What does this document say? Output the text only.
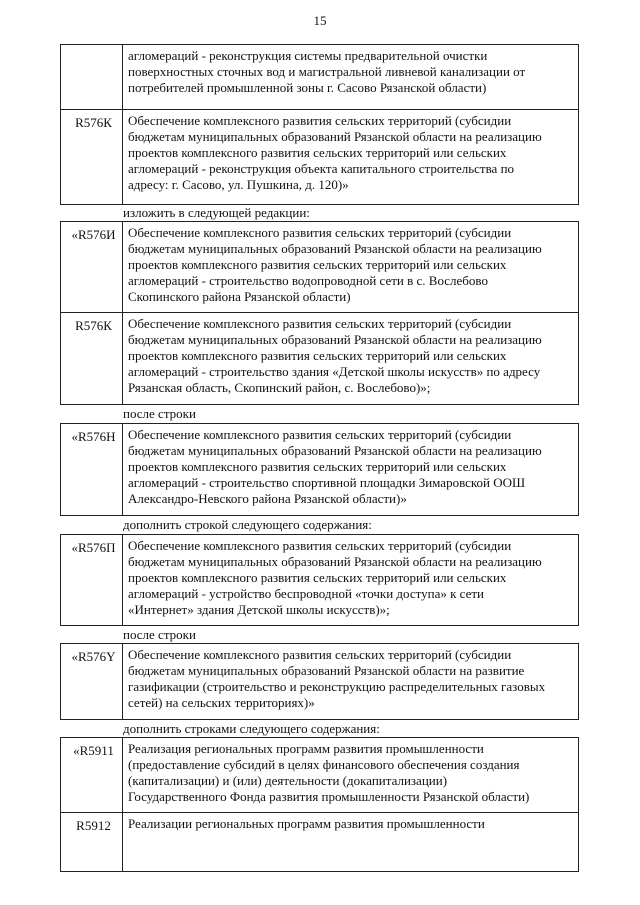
15
агломераций - реконструкция системы предварительной очистки
поверхностных сточных вод и магистральной ливневой канализации от
потребителей промышленной зоны г. Сасово Рязанской области)
R576К	Обеспечение комплексного развития сельских территорий (субсидии
бюджетам муниципальных образований Рязанской области на реализацию
проектов комплексного развития сельских территорий или сельских
агломераций - реконструкция объекта капитального строительства по
адресу: г. Сасово, ул. Пушкина, д. 120)»
изложить в следующей редакции:
«R576И Обеспечение комплексного развития сельских территорий (субсидии
бюджетам муниципальных образований Рязанской области на реализацию
проектов комплексного развития сельских территорий или сельских
агломераций - строительство водопроводной сети в с. Вослебово
Скопинского района Рязанской области)
R576К	Обеспечение комплексного развития сельских территорий (субсидии
бюджетам муниципальных образований Рязанской области на реализацию
проектов комплексного развития сельских территорий или сельских
агломераций - строительство здания «Детской школы искусств» по адресу
Рязанская область, Скопинский район, с. Вослебово)»;
после строки
«R576Н Обеспечение комплексного развития сельских территорий (субсидии
бюджетам муниципальных образований Рязанской области на реализацию
проектов комплексного развития сельских территорий или сельских
агломераций - строительство спортивной площадки Зимаровской ООШ
Александро-Невского района Рязанской области)»
дополнить строкой следующего содержания:
«R576П Обеспечение комплексного развития сельских территорий (субсидии
бюджетам муниципальных образований Рязанской области на реализацию
проектов комплексного развития сельских территорий или сельских
агломераций - устройство беспроводной «точки доступа» к сети
«Интернет» здания Детской школы искусств)»;
после строки
«R576Y Обеспечение комплексного развития сельских территорий (субсидии
бюджетам муниципальных образований Рязанской области на развитие
газификации (строительство и реконструкцию распределительных газовых
сетей) на сельских территориях)»
дополнить строками следующего содержания:
«R5911	Реализация региональных программ развития промышленности
(предоставление субсидий в целях финансового обеспечения создания
(капитализации) и (или) деятельности (докапитализации)
Государственного Фонда развития промышленности Рязанской области)
R5912	Реализации региональных программ развития промышленности
